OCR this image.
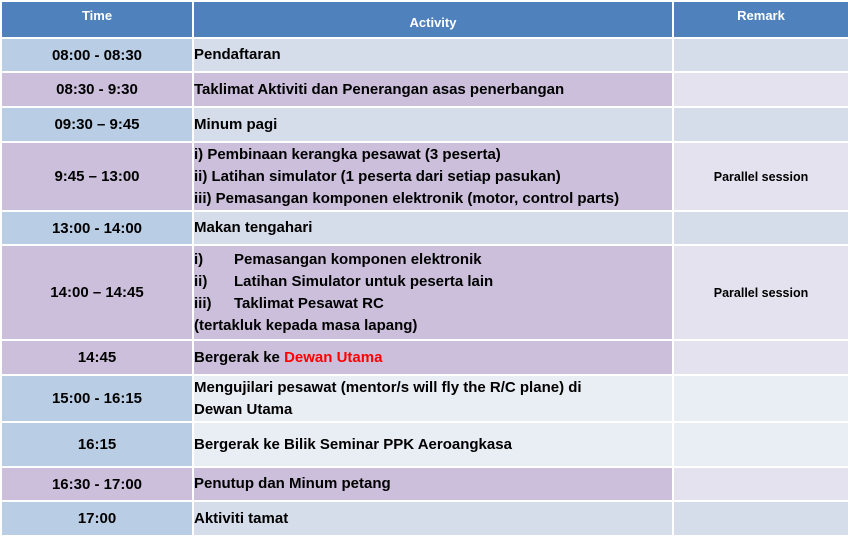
Time	Activity	Remark
08:00 - 08:30	Pendaftaran	
08:30 - 9:30	Taklimat Aktiviti dan Penerangan asas penerbangan	
09:30 – 9:45	Minum pagi	
9:45 – 13:00	i) Pembinaan kerangka pesawat (3 peserta)
ii) Latihan simulator (1 peserta dari setiap pasukan)
iii) Pemasangan komponen elektronik (motor, control parts)	Parallel session
13:00 - 14:00	Makan tengahari	
14:00 – 14:45	i) Pemasangan komponen elektronik
ii) Latihan Simulator untuk peserta lain
iii) Taklimat Pesawat RC
(tertakluk kepada masa lapang)	Parallel session
14:45	Bergerak ke Dewan Utama	
15:00 - 16:15	Mengujilari pesawat (mentor/s will fly the R/C plane) di
Dewan Utama	

16:15	Bergerak ke Bilik Seminar PPK Aeroangkasa	
16:30 - 17:00	Penutup dan Minum petang	
17:00	Aktiviti tamat	
